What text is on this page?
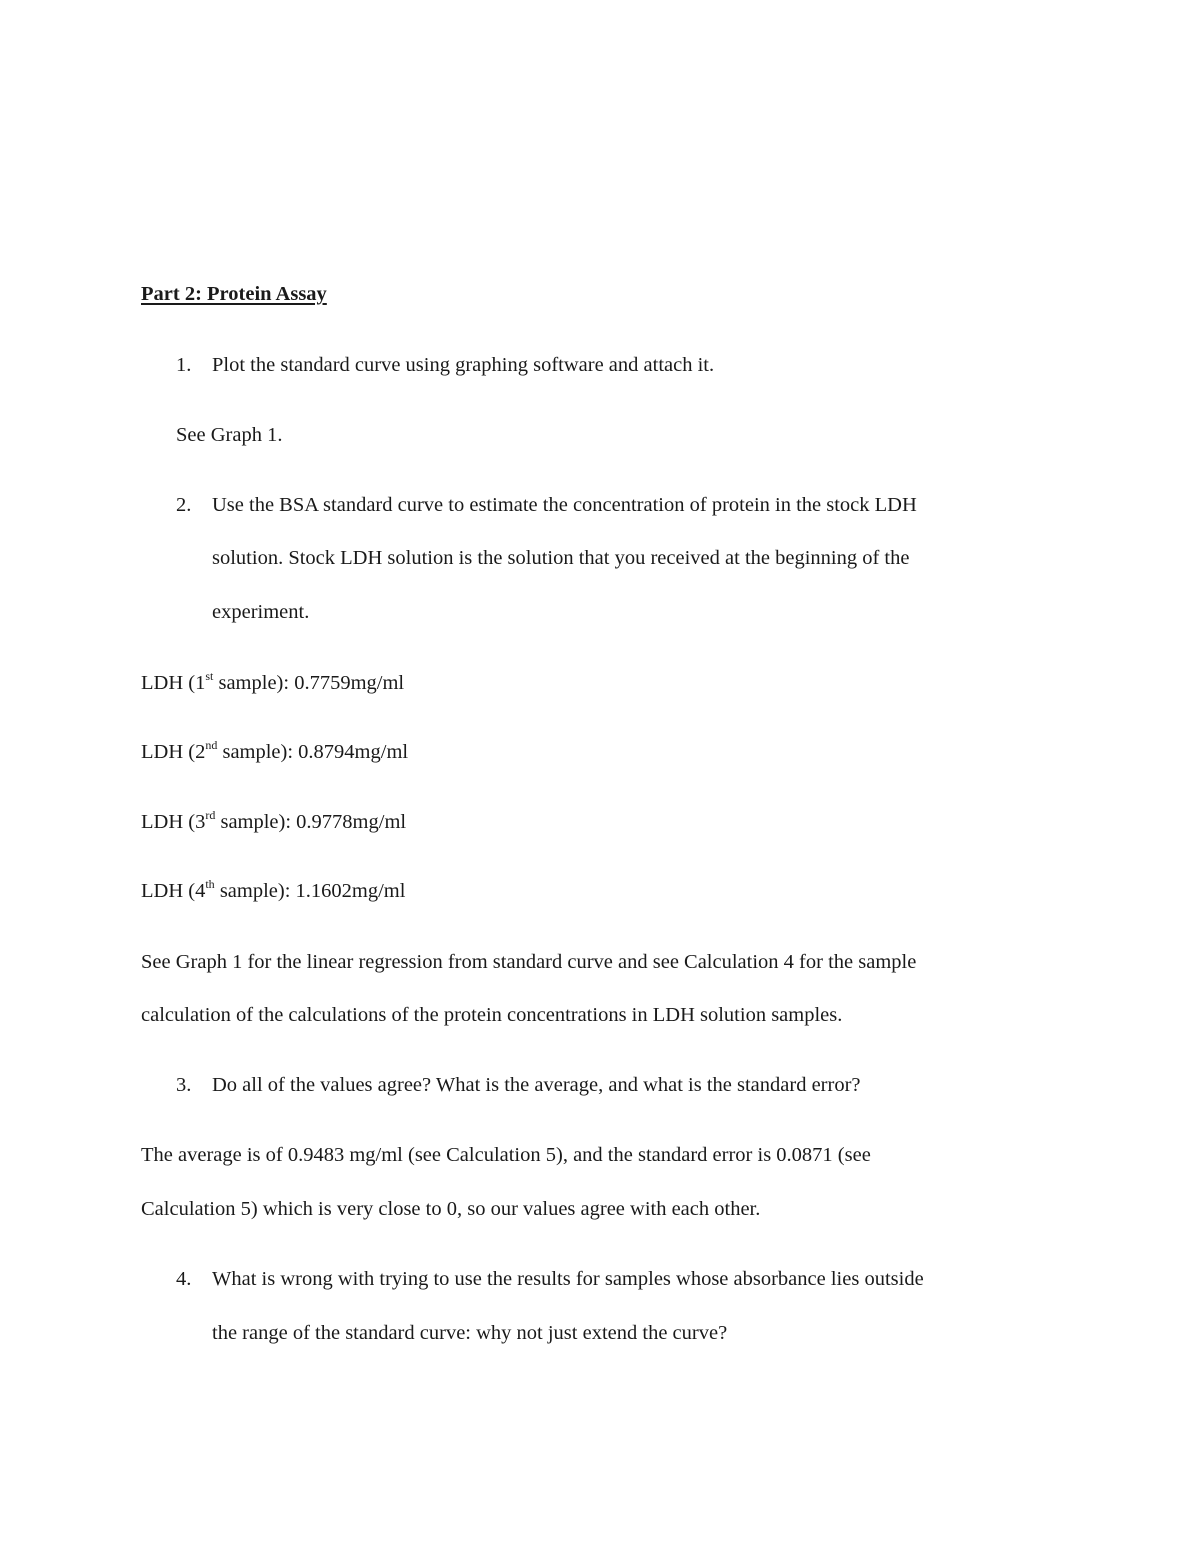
Part 2: Protein Assay
1. Plot the standard curve using graphing software and attach it.
See Graph 1.
2. Use the BSA standard curve to estimate the concentration of protein in the stock LDH
solution. Stock LDH solution is the solution that you received at the beginning of the
experiment.
LDH (1st sample): 0.7759mg/ml
LDH (2nd sample): 0.8794mg/ml
LDH (3rd sample): 0.9778mg/ml
LDH (4th sample): 1.1602mg/ml
See Graph 1 for the linear regression from standard curve and see Calculation 4 for the sample
calculation of the calculations of the protein concentrations in LDH solution samples.
3. Do all of the values agree? What is the average, and what is the standard error?
The average is of 0.9483 mg/ml (see Calculation 5), and the standard error is 0.0871 (see
Calculation 5) which is very close to 0, so our values agree with each other.
4. What is wrong with trying to use the results for samples whose absorbance lies outside
the range of the standard curve: why not just extend the curve?
